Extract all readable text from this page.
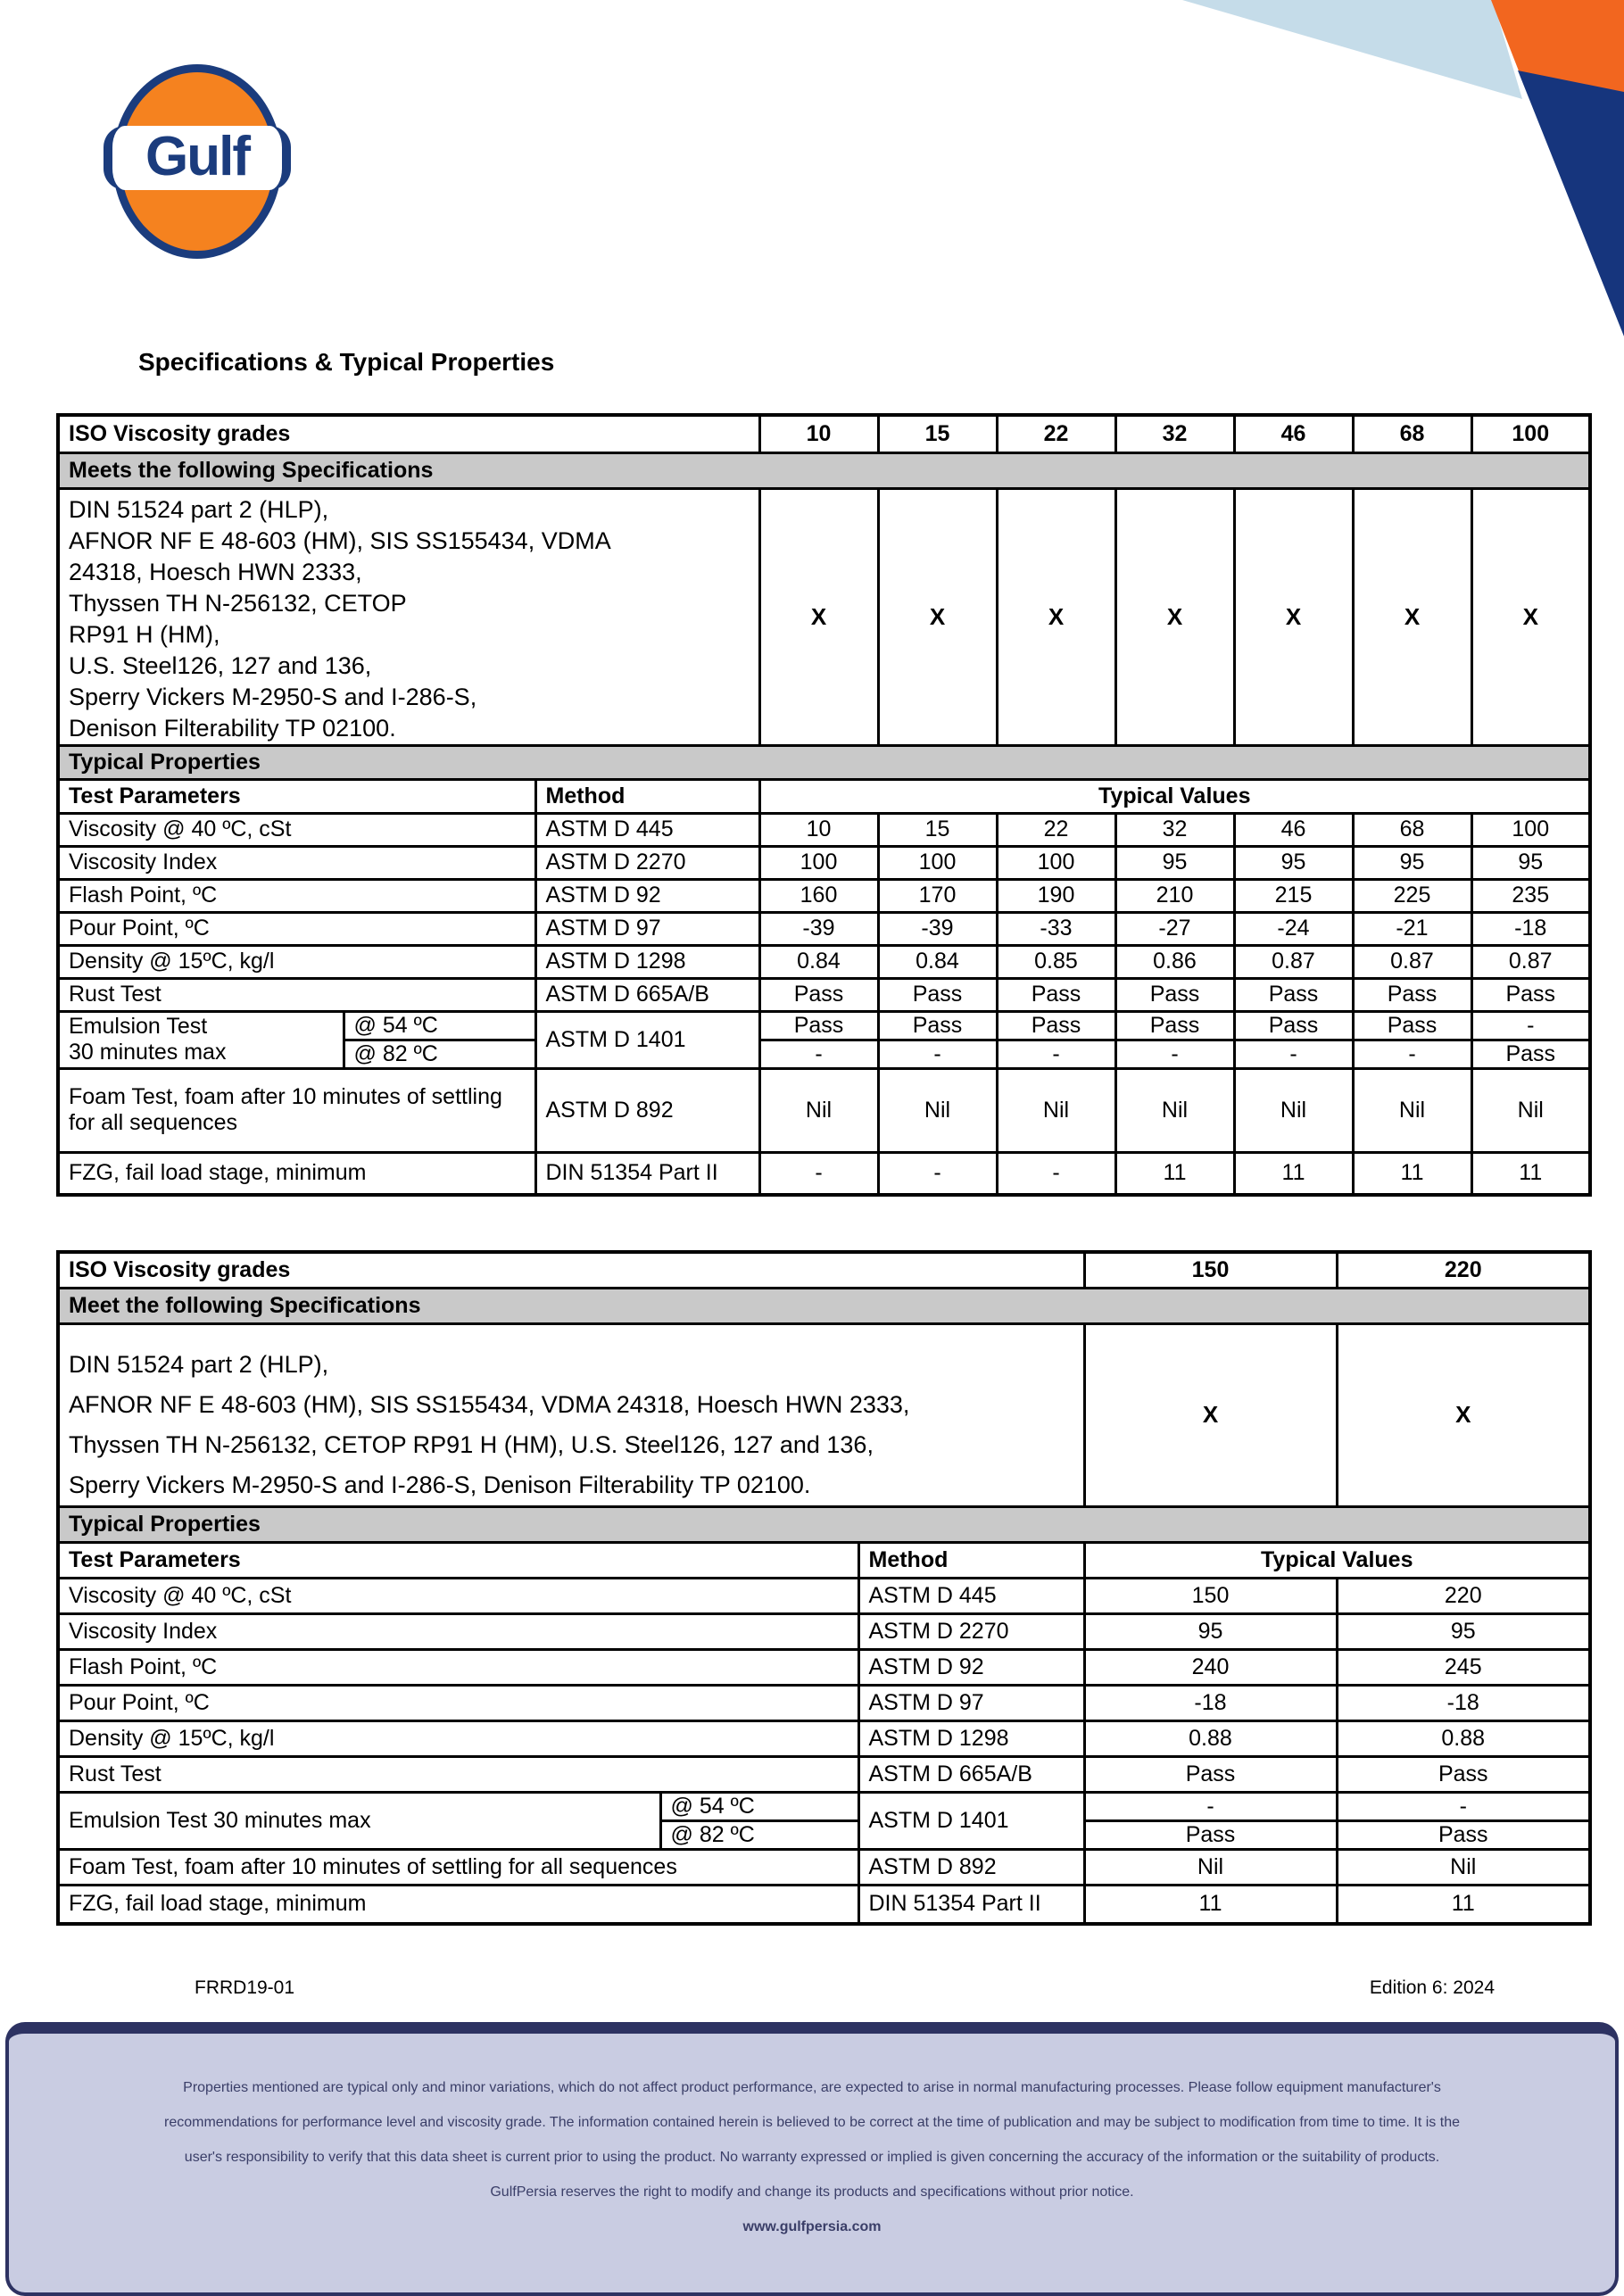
Gulf
Specifications & Typical Properties
ISO Viscosity grades			10	15	22	32	46	68	100
Meets the following Specifications									

DIN 51524 part 2 (HLP),
AFNOR NF E 48-603 (HM), SIS SS155434, VDMA
24318, Hoesch HWN 2333,
Thyssen TH N-256132, CETOP
RP91 H (HM),
U.S. Steel126, 127 and 136,
Sperry Vickers M-2950-S and I-286-S,
Denison Filterability TP 02100.
	X	X	X	X	X	X	X
Typical Properties									
Test Parameters		Method	Typical Values						
Viscosity @ 40 ºC, cSt		ASTM D 445	10	15	22	32	46	68	100
Viscosity Index		ASTM D 2270	100	100	100	95	95	95	95
Flash Point, ºC		ASTM D 92	160	170	190	210	215	225	235
Pour Point, ºC		ASTM D 97	-39	-39	-33	-27	-24	-21	-18
Density @ 15ºC, kg/l		ASTM D 1298	0.84	0.84	0.85	0.86	0.87	0.87	0.87
Rust Test		ASTM D 665A/B	Pass	Pass	Pass	Pass	Pass	Pass	Pass

Emulsion Test
30 minutes max	@ 54 ºC	ASTM D 1401	Pass	Pass	Pass	Pass	Pass	Pass	-
	@ 82 ºC		-	-	-	-	-	-	Pass
Foam Test, foam after 10 minutes of settling for all sequences		ASTM D 892	Nil	Nil	Nil	Nil	Nil	Nil	Nil
FZG, fail load stage, minimum		DIN 51354 Part II	-	-	-	11	11	11	11
ISO Viscosity grades			150	220
Meet the following Specifications				

DIN 51524 part 2 (HLP),
AFNOR NF E 48-603 (HM), SIS SS155434, VDMA 24318, Hoesch HWN 2333,
Thyssen TH N-256132, CETOP RP91 H (HM), U.S. Steel126, 127 and 136,
Sperry Vickers M-2950-S and I-286-S, Denison Filterability TP 02100.			X	X
Typical Properties				
Test Parameters		Method	Typical Values	
Viscosity @ 40 ºC, cSt		ASTM D 445	150	220
Viscosity Index		ASTM D 2270	95	95
Flash Point, ºC		ASTM D 92	240	245
Pour Point, ºC		ASTM D 97	-18	-18
Density @ 15ºC, kg/l		ASTM D 1298	0.88	0.88
Rust Test		ASTM D 665A/B	Pass	Pass
Emulsion Test 30 minutes max	@ 54 ºC	ASTM D 1401	-	-
	@ 82 ºC		Pass	Pass
Foam Test, foam after 10 minutes of settling for all sequences		ASTM D 892	Nil	Nil
FZG, fail load stage, minimum		DIN 51354 Part II	11	11
FRRD19-01	Edition 6: 2024
Properties mentioned are typical only and minor variations, which do not affect product performance, are expected to arise in normal manufacturing processes. Please follow equipment manufacturer's
recommendations for performance level and viscosity grade. The information contained herein is believed to be correct at the time of publication and may be subject to modification from time to time. It is the
user's responsibility to verify that this data sheet is current prior to using the product. No warranty expressed or implied is given concerning the accuracy of the information or the suitability of products.
GulfPersia reserves the right to modify and change its products and specifications without prior notice.
www.gulfpersia.com
